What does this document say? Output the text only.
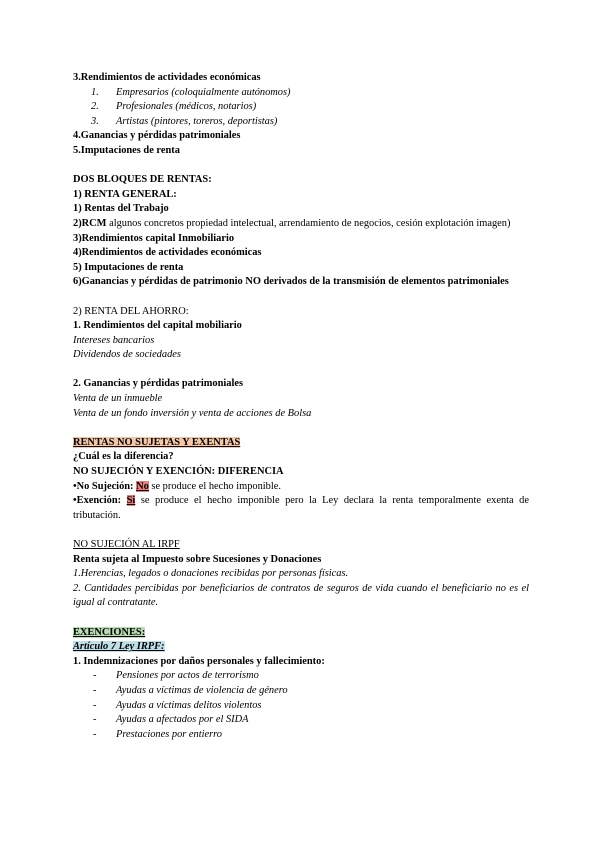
3.Rendimientos de actividades económicas

1.	Empresarios (coloquialmente autónomos)
2.	Profesionales (médicos, notarios)
3.	Artistas (pintores, toreros, deportistas)

4.Ganancias y pérdidas patrimoniales

5.Imputaciones de renta

DOS BLOQUES DE RENTAS:

1) RENTA GENERAL:

1) Rentas del Trabajo

2)RCM algunos concretos propiedad intelectual, arrendamiento de negocios, cesión explotación imagen)

3)Rendimientos capital Inmobiliario

4)Rendimientos de actividades económicas

5) Imputaciones de renta

6)Ganancias y pérdidas de patrimonio NO derivados de la transmisión de elementos patrimoniales

2) RENTA DEL AHORRO:

1. Rendimientos del capital mobiliario

Intereses bancarios

Dividendos de sociedades

2. Ganancias y pérdidas patrimoniales

Venta de un inmueble

Venta de un fondo inversión y venta de acciones de Bolsa

RENTAS NO SUJETAS Y EXENTAS

¿Cuál es la diferencia?

NO SUJECIÓN Y EXENCIÓN: DIFERENCIA

•No Sujeción: No se produce el hecho imponible.

•Exención: Si se produce el hecho imponible pero la Ley declara la renta temporalmente exenta de tributación.

NO SUJECIÓN AL IRPF

Renta sujeta al Impuesto sobre Sucesiones y Donaciones

1.Herencias, legados o donaciones recibidas por personas físicas.

2. Cantidades percibidas por beneficiarios de contratos de seguros de vida cuando el beneficiario no es el igual al contratante.

EXENCIONES:

Artículo 7 Ley IRPF:

1. Indemnizaciones por daños personales y fallecimiento:

- Pensiones por actos de terrorismo
- Ayudas a víctimas de violencia de género
- Ayudas a víctimas delitos violentos
- Ayudas a afectados por el SIDA
- Prestaciones por entierro
